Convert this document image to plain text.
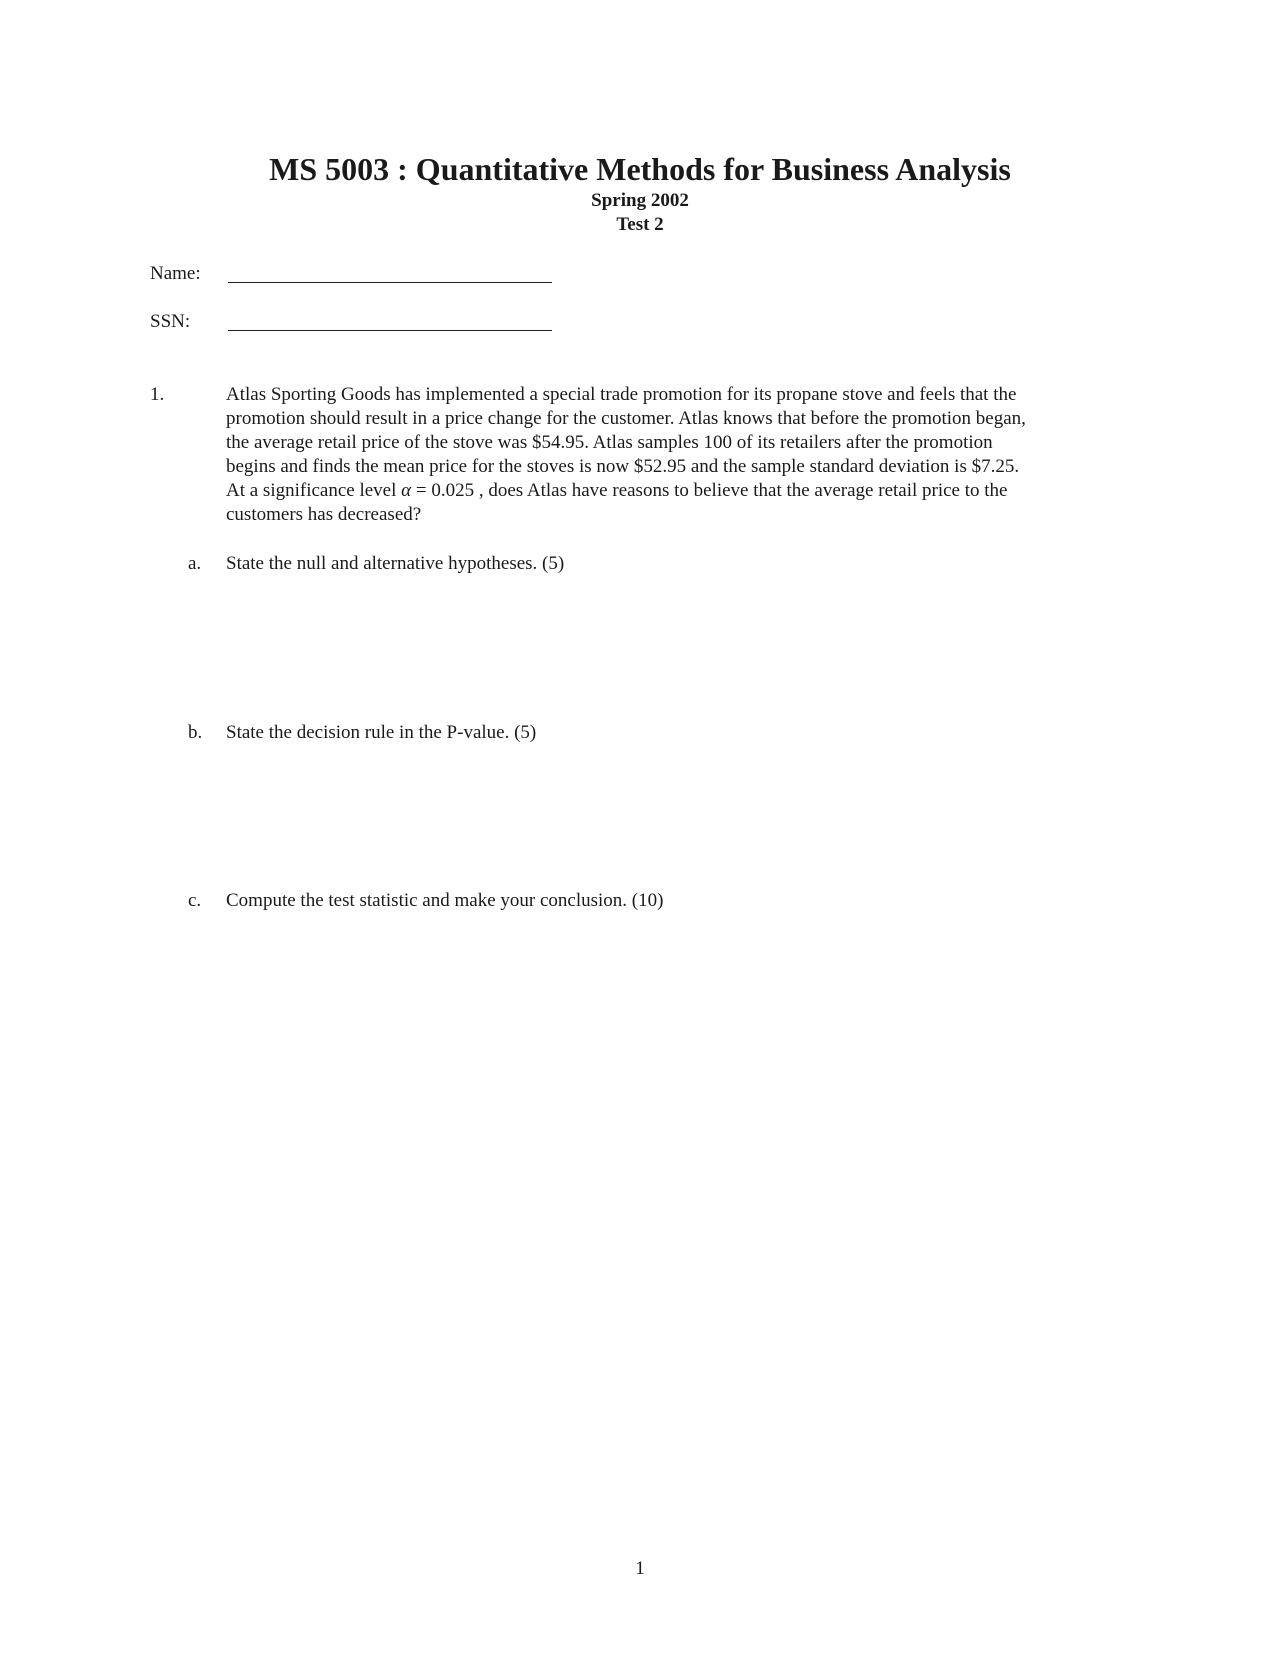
MS 5003 : Quantitative Methods for Business Analysis
Spring 2002
Test 2
Name:
SSN:
1.	Atlas Sporting Goods has implemented a special trade promotion for its propane stove and feels that the
promotion should result in a price change for the customer. Atlas knows that before the promotion began,
the average retail price of the stove was $54.95. Atlas samples 100 of its retailers after the promotion
begins and finds the mean price for the stoves is now $52.95 and the sample standard deviation is $7.25.
At a significance level α = 0.025 , does Atlas have reasons to believe that the average retail price to the
customers has decreased?
a. State the null and alternative hypotheses. (5)
b. State the decision rule in the P-value. (5)
c. Compute the test statistic and make your conclusion. (10)
1
